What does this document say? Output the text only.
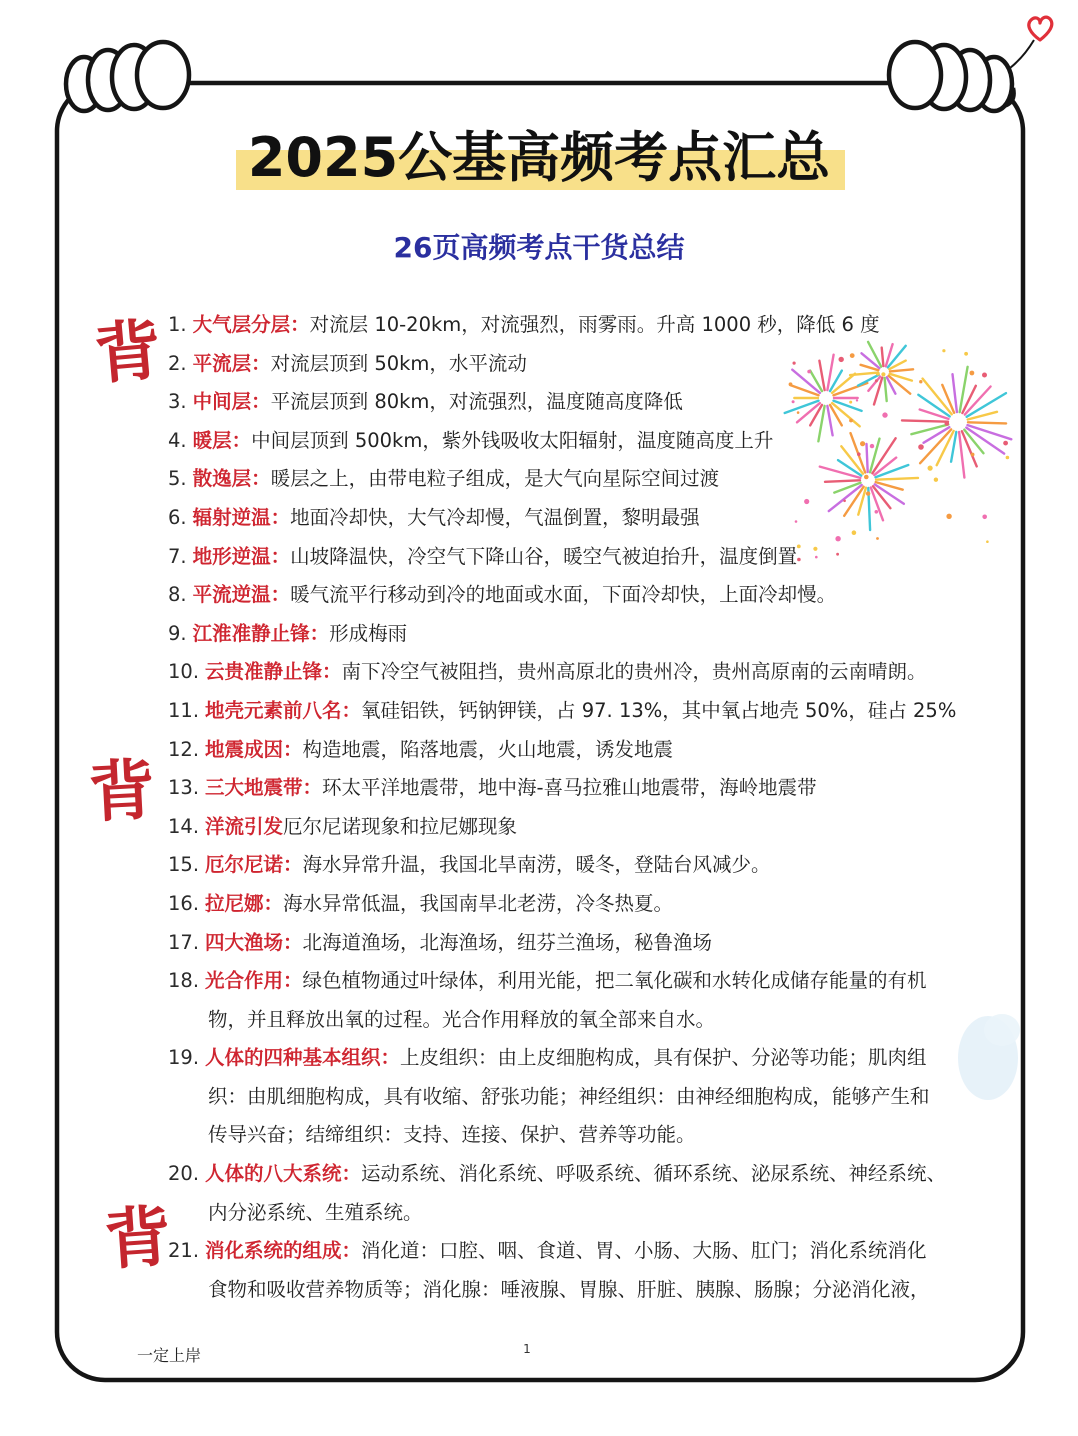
2025公基高频考点汇总
26页高频考点干货总结
背
背
背
1. 大气层分层：对流层 10-20km，对流强烈，雨雾雨。升高 1000 秒，降低 6 度
2. 平流层：对流层顶到 50km，水平流动
3. 中间层：平流层顶到 80km，对流强烈，温度随高度降低
4. 暖层：中间层顶到 500km，紫外钱吸收太阳辐射，温度随高度上升
5. 散逸层：暖层之上，由带电粒子组成，是大气向星际空间过渡
6. 辐射逆温：地面冷却快，大气冷却慢，气温倒置，黎明最强
7. 地形逆温：山坡降温快，冷空气下降山谷，暖空气被迫抬升，温度倒置
8. 平流逆温：暖气流平行移动到冷的地面或水面，下面冷却快，上面冷却慢。
9. 江淮准静止锋：形成梅雨
10. 云贵准静止锋：南下冷空气被阻挡，贵州高原北的贵州冷，贵州高原南的云南晴朗。
11. 地壳元素前八名：氧硅铝铁，钙钠钾镁，占 97. 13%，其中氧占地壳 50%，硅占 25%
12. 地震成因：构造地震，陷落地震，火山地震，诱发地震
13. 三大地震带：环太平洋地震带，地中海-喜马拉雅山地震带，海岭地震带
14. 洋流引发厄尔尼诺现象和拉尼娜现象
15. 厄尔尼诺：海水异常升温，我国北旱南涝，暖冬，登陆台风减少。
16. 拉尼娜：海水异常低温，我国南旱北老涝，冷冬热夏。
17. 四大渔场：北海道渔场，北海渔场，纽芬兰渔场，秘鲁渔场
18. 光合作用：绿色植物通过叶绿体，利用光能，把二氧化碳和水转化成储存能量的有机
物，并且释放出氧的过程。光合作用释放的氧全部来自水。
19. 人体的四种基本组织：上皮组织：由上皮细胞构成，具有保护、分泌等功能；肌肉组
织：由肌细胞构成，具有收缩、舒张功能；神经组织：由神经细胞构成，能够产生和
传导兴奋；结缔组织：支持、连接、保护、营养等功能。
20. 人体的八大系统：运动系统、消化系统、呼吸系统、循环系统、泌尿系统、神经系统、
内分泌系统、生殖系统。
21. 消化系统的组成：消化道：口腔、咽、食道、胃、小肠、大肠、肛门；消化系统消化
食物和吸收营养物质等；消化腺：唾液腺、胃腺、肝脏、胰腺、肠腺；分泌消化液，
一定上岸	1
